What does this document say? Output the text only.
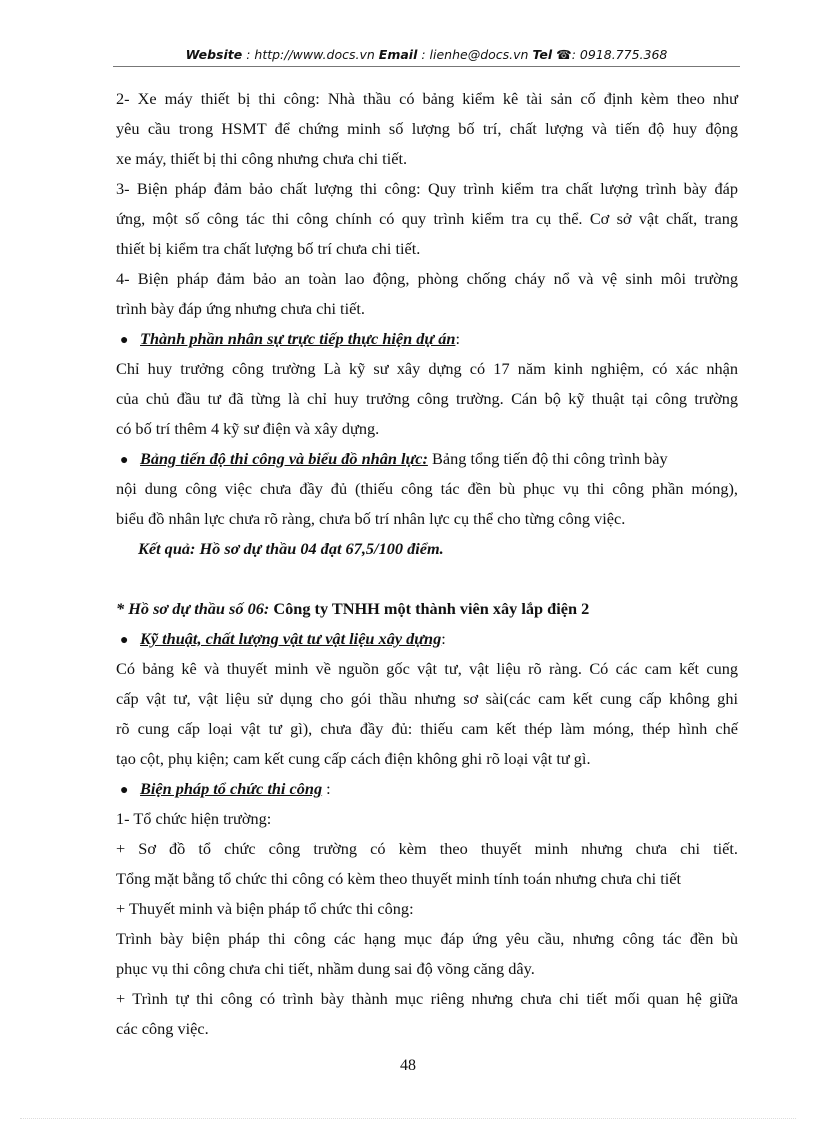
Website : http://www.docs.vn Email : lienhe@docs.vn Tel ☎: 0918.775.368
2- Xe máy thiết bị thi công: Nhà thầu có bảng kiểm kê tài sản cố định kèm theo như
yêu cầu trong HSMT để chứng minh số lượng bố trí, chất lượng và tiến độ huy động
xe máy, thiết bị thi công nhưng chưa chi tiết.
3- Biện pháp đảm bảo chất lượng thi công: Quy trình kiểm tra chất lượng trình bày đáp
ứng, một số công tác thi công chính có quy trình kiểm tra cụ thể. Cơ sở vật chất, trang
thiết bị kiểm tra chất lượng bố trí chưa chi tiết.
4- Biện pháp đảm bảo an toàn lao động, phòng chống cháy nổ và vệ sinh môi trường
trình bày đáp ứng nhưng chưa chi tiết.
● Thành phần nhân sự trực tiếp thực hiện dự án:
Chỉ huy trưởng công trường Là kỹ sư xây dựng có 17 năm kinh nghiệm, có xác nhận
của chủ đầu tư đã từng là chỉ huy trưởng công trường. Cán bộ kỹ thuật tại công trường
có bố trí thêm 4 kỹ sư điện và xây dựng.
● Bảng tiến độ thi công và biểu đồ nhân lực: Bảng tổng tiến độ thi công trình bày
nội dung công việc chưa đầy đủ (thiếu công tác đền bù phục vụ thi công phần móng),
biểu đồ nhân lực chưa rõ ràng, chưa bố trí nhân lực cụ thể cho từng công việc.
Kết quả: Hồ sơ dự thầu 04 đạt 67,5/100 điểm.
* Hồ sơ dự thầu số 06: Công ty TNHH một thành viên xây lắp điện 2
● Kỹ thuật, chất lượng vật tư vật liệu xây dựng:
Có bảng kê và thuyết minh về nguồn gốc vật tư, vật liệu rõ ràng. Có các cam kết cung
cấp vật tư, vật liệu sử dụng cho gói thầu nhưng sơ sài(các cam kết cung cấp không ghi
rõ cung cấp loại vật tư gì), chưa đầy đủ: thiếu cam kết thép làm móng, thép hình chế
tạo cột, phụ kiện; cam kết cung cấp cách điện không ghi rõ loại vật tư gì.
● Biện pháp tổ chức thi công :
1- Tổ chức hiện trường:
+ Sơ đồ tổ chức công trường có kèm theo thuyết minh nhưng chưa chi tiết.
Tổng mặt bằng tổ chức thi công có kèm theo thuyết minh tính toán nhưng chưa chi tiết
+ Thuyết minh và biện pháp tổ chức thi công:
Trình bày biện pháp thi công các hạng mục đáp ứng yêu cầu, nhưng công tác đền bù
phục vụ thi công chưa chi tiết, nhầm dung sai độ võng căng dây.
+ Trình tự thi công có trình bày thành mục riêng nhưng chưa chi tiết mối quan hệ giữa
các công việc.
48
